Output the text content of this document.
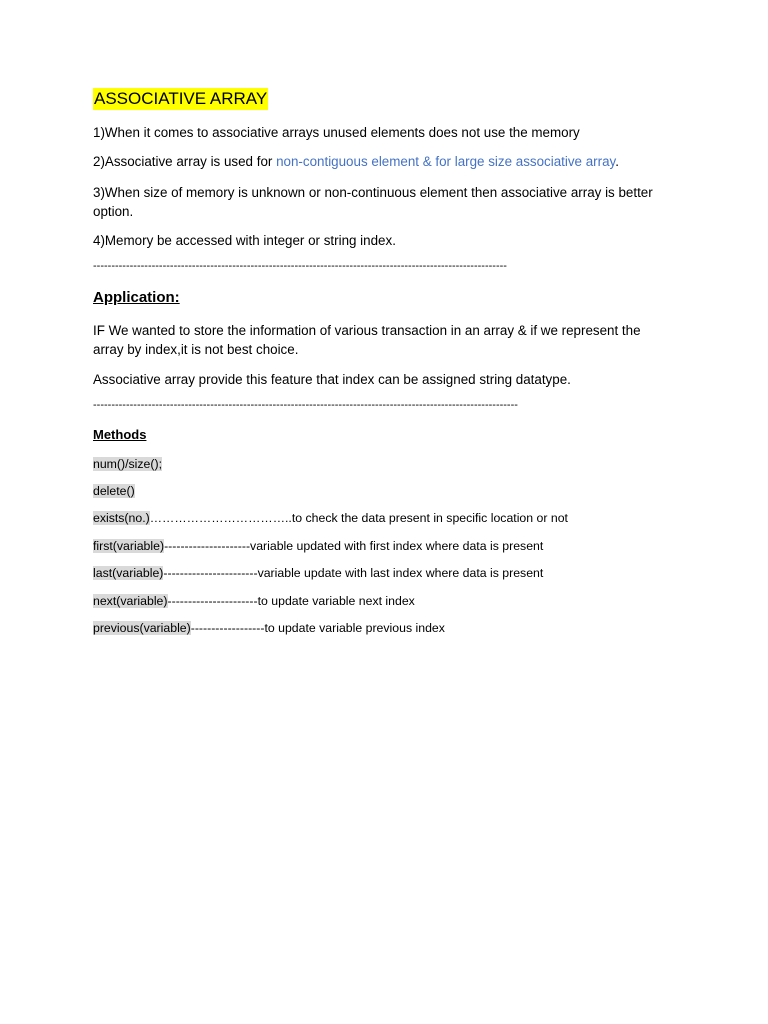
ASSOCIATIVE ARRAY

1)When it comes to associative arrays unused elements does not use the memory

2)Associative array is used for non-contiguous element & for large size associative array.

3)When size of memory is unknown or non-continuous element then associative array is better option.

4)Memory be accessed with integer or string index.

-----------------------------------------------------------------------------------------------------------------
Application:

IF We wanted to store the information of various transaction in an array & if we represent the array by index,it is not best choice.

Associative array provide this feature that index can be assigned string datatype.

--------------------------------------------------------------------------------------------------------------------
Methods
num()/size();
delete()
exists(no.)……………………………..to check the data present in specific location or not
first(variable)---------------------variable updated with first index where data is present
last(variable)-----------------------variable update with last index where data is present
next(variable)----------------------to update variable next index
previous(variable)------------------to update variable previous index
